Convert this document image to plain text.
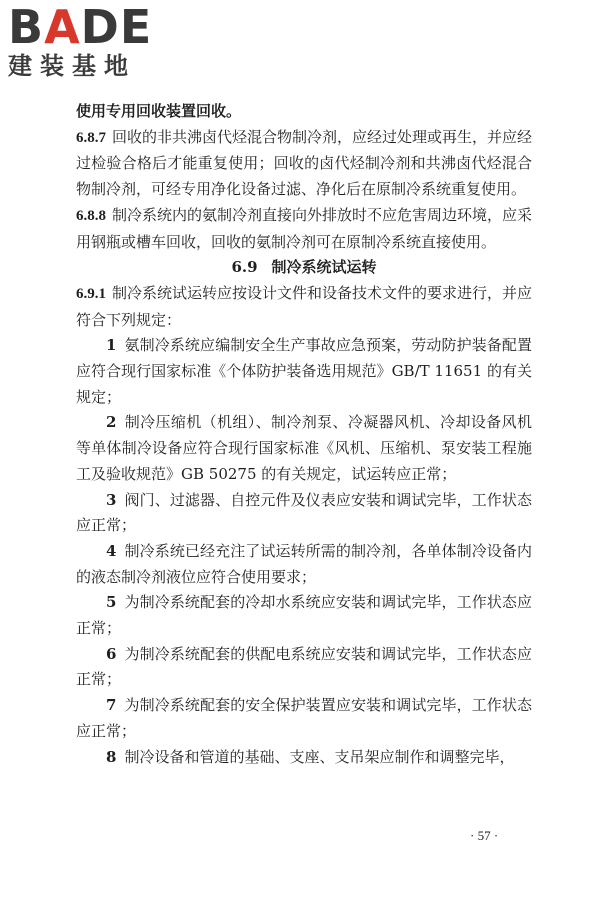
BADE
建装基地

使用专用回收装置回收。

6.8.7 回收的非共沸卤代烃混合物制冷剂，应经过处理或再生，并应经过检验合格后才能重复使用；回收的卤代烃制冷剂和共沸卤代烃混合物制冷剂，可经专用净化设备过滤、净化后在原制冷系统重复使用。

6.8.8 制冷系统内的氨制冷剂直接向外排放时不应危害周边环境，应采用钢瓶或槽车回收，回收的氨制冷剂可在原制冷系统直接使用。

6.9 制冷系统试运转

6.9.1 制冷系统试运转应按设计文件和设备技术文件的要求进行，并应符合下列规定：

1 氨制冷系统应编制安全生产事故应急预案，劳动防护装备配置应符合现行国家标准《个体防护装备选用规范》GB/T 11651 的有关规定；

2 制冷压缩机（机组）、制冷剂泵、冷凝器风机、冷却设备风机等单体制冷设备应符合现行国家标准《风机、压缩机、泵安装工程施工及验收规范》GB 50275 的有关规定，试运转应正常；

3 阀门、过滤器、自控元件及仪表应安装和调试完毕，工作状态应正常；

4 制冷系统已经充注了试运转所需的制冷剂，各单体制冷设备内的液态制冷剂液位应符合使用要求；

5 为制冷系统配套的冷却水系统应安装和调试完毕，工作状态应正常；

6 为制冷系统配套的供配电系统应安装和调试完毕，工作状态应正常；

7 为制冷系统配套的安全保护装置应安装和调试完毕，工作状态应正常；

8 制冷设备和管道的基础、支座、支吊架应制作和调整完毕，

· 57 ·
